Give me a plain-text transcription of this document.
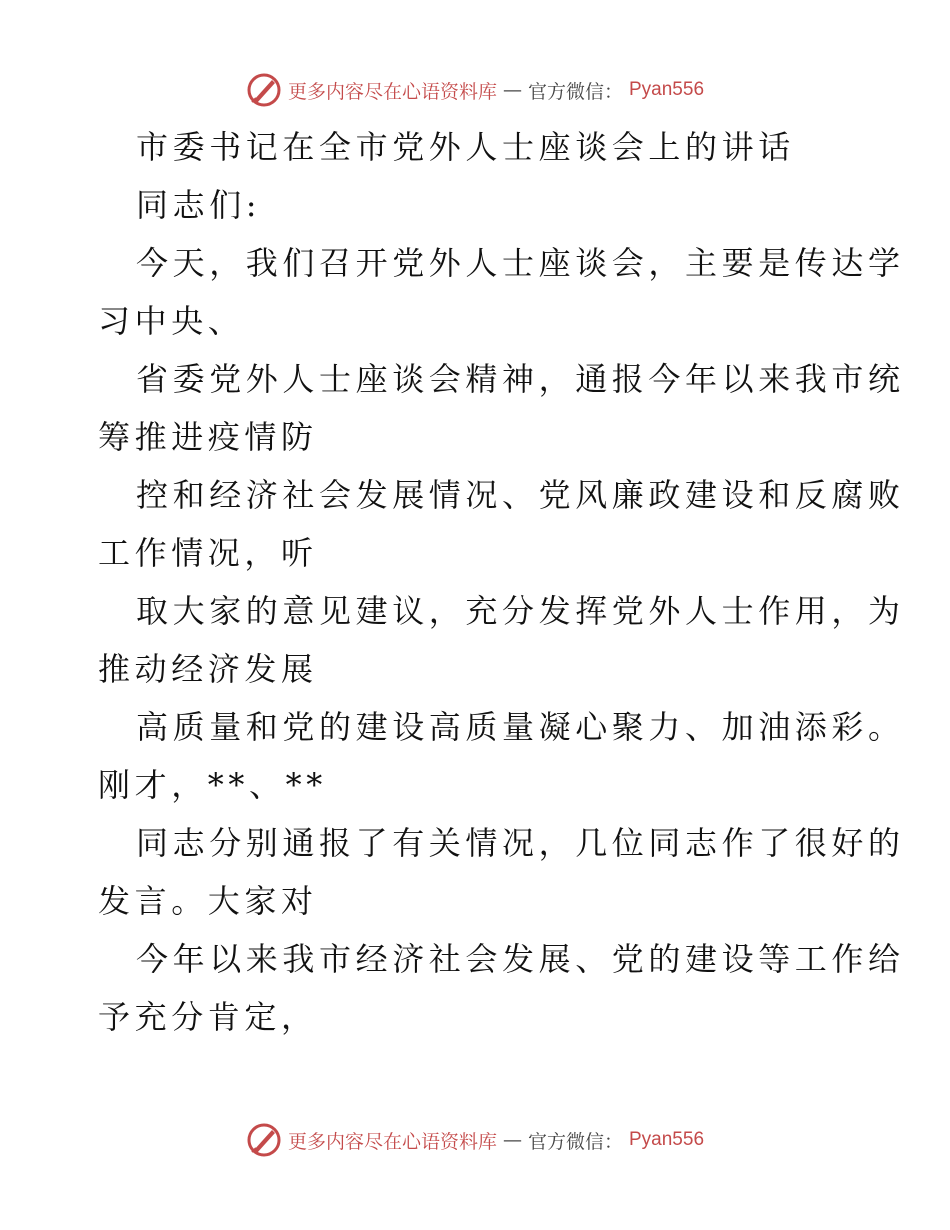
更多内容尽在心语资料库 — 官方微信： Pyan556
市委书记在全市党外人士座谈会上的讲话
同志们:
今天，我们召开党外人士座谈会，主要是传达学
习中央、
省委党外人士座谈会精神，通报今年以来我市统
筹推进疫情防
控和经济社会发展情况、党风廉政建设和反腐败
工作情况，听
取大家的意见建议，充分发挥党外人士作用，为
推动经济发展
高质量和党的建设高质量凝心聚力、加油添彩。
刚才，**、**
同志分别通报了有关情况，几位同志作了很好的
发言。大家对
今年以来我市经济社会发展、党的建设等工作给
予充分肯定，
更多内容尽在心语资料库 — 官方微信： Pyan556
